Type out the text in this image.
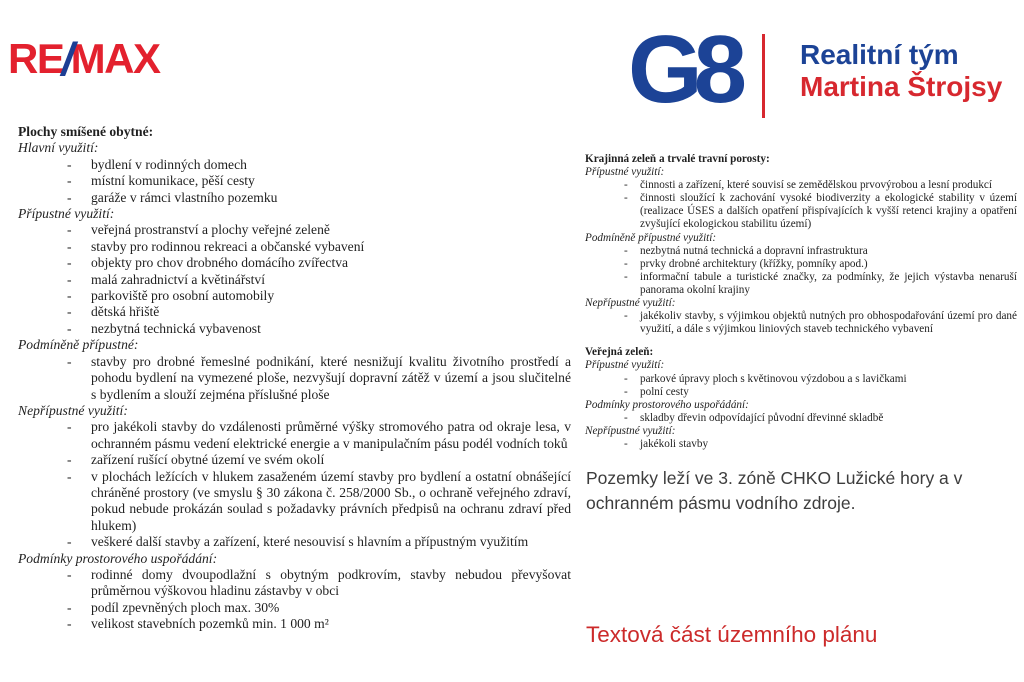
RE/MAX	G8 Realitní tým
Martina Štrojsy
Plochy smíšené obytné:
Hlavní využití:
- bydlení v rodinných domech
- místní komunikace, pěší cesty
- garáže v rámci vlastního pozemku
Přípustné využití:
- veřejná prostranství a plochy veřejné zeleně
- stavby pro rodinnou rekreaci a občanské vybavení
- objekty pro chov drobného domácího zvířectva
- malá zahradnictví a květinářství
- parkoviště pro osobní automobily
- dětská hřiště
- nezbytná technická vybavenost
Podmíněně přípustné:
- stavby pro drobné řemeslné podnikání, které nesnižují kvalitu životního prostředí a pohodu bydlení na vymezené ploše, nezvyšují dopravní zátěž v území a jsou slučitelné s bydlením a slouží zejména příslušné ploše
Nepřípustné využití:
- pro jakékoli stavby do vzdálenosti průměrné výšky stromového patra od okraje lesa, v ochranném pásmu vedení elektrické energie a v manipulačním pásu podél vodních toků
- zařízení rušící obytné území ve svém okolí
- v plochách ležících v hlukem zasaženém území stavby pro bydlení a ostatní obnášející chráněné prostory (ve smyslu § 30 zákona č. 258/2000 Sb., o ochraně veřejného zdraví, pokud nebude prokázán soulad s požadavky právních předpisů na ochranu zdraví před hlukem)
- veškeré další stavby a zařízení, které nesouvisí s hlavním a přípustným využitím
Podmínky prostorového uspořádání:
- rodinné domy dvoupodlažní s obytným podkrovím, stavby nebudou převyšovat průměrnou výškovou hladinu zástavby v obci
- podíl zpevněných ploch max. 30%
- velikost stavebních pozemků min. 1 000 m²
Krajinná zeleň a trvalé travní porosty:
Přípustné využití:
- činnosti a zařízení, které souvisí se zemědělskou prvovýrobou a lesní produkcí
- činnosti sloužící k zachování vysoké biodiverzity a ekologické stability v území (realizace ÚSES a dalších opatření přispívajících k vyšší retenci krajiny a opatření zvyšující ekologickou stabilitu území)
Podmíněně přípustné využití:
- nezbytná nutná technická a dopravní infrastruktura
- prvky drobné architektury (křížky, pomníky apod.)
- informační tabule a turistické značky, za podmínky, že jejich výstavba nenaruší panorama okolní krajiny
Nepřípustné využití:
- jakékoliv stavby, s výjimkou objektů nutných pro obhospodařování území pro dané využití, a dále s výjimkou liniových staveb technického vybavení
Veřejná zeleň:
Přípustné využití:
- parkové úpravy ploch s květinovou výzdobou a s lavičkami
- polní cesty
Podmínky prostorového uspořádání:
- skladby dřevin odpovídající původní dřevinné skladbě
Nepřípustné využití:
- jakékoli stavby
Pozemky leží ve 3. zóně CHKO Lužické hory a v ochranném pásmu vodního zdroje.
Textová část územního plánu
